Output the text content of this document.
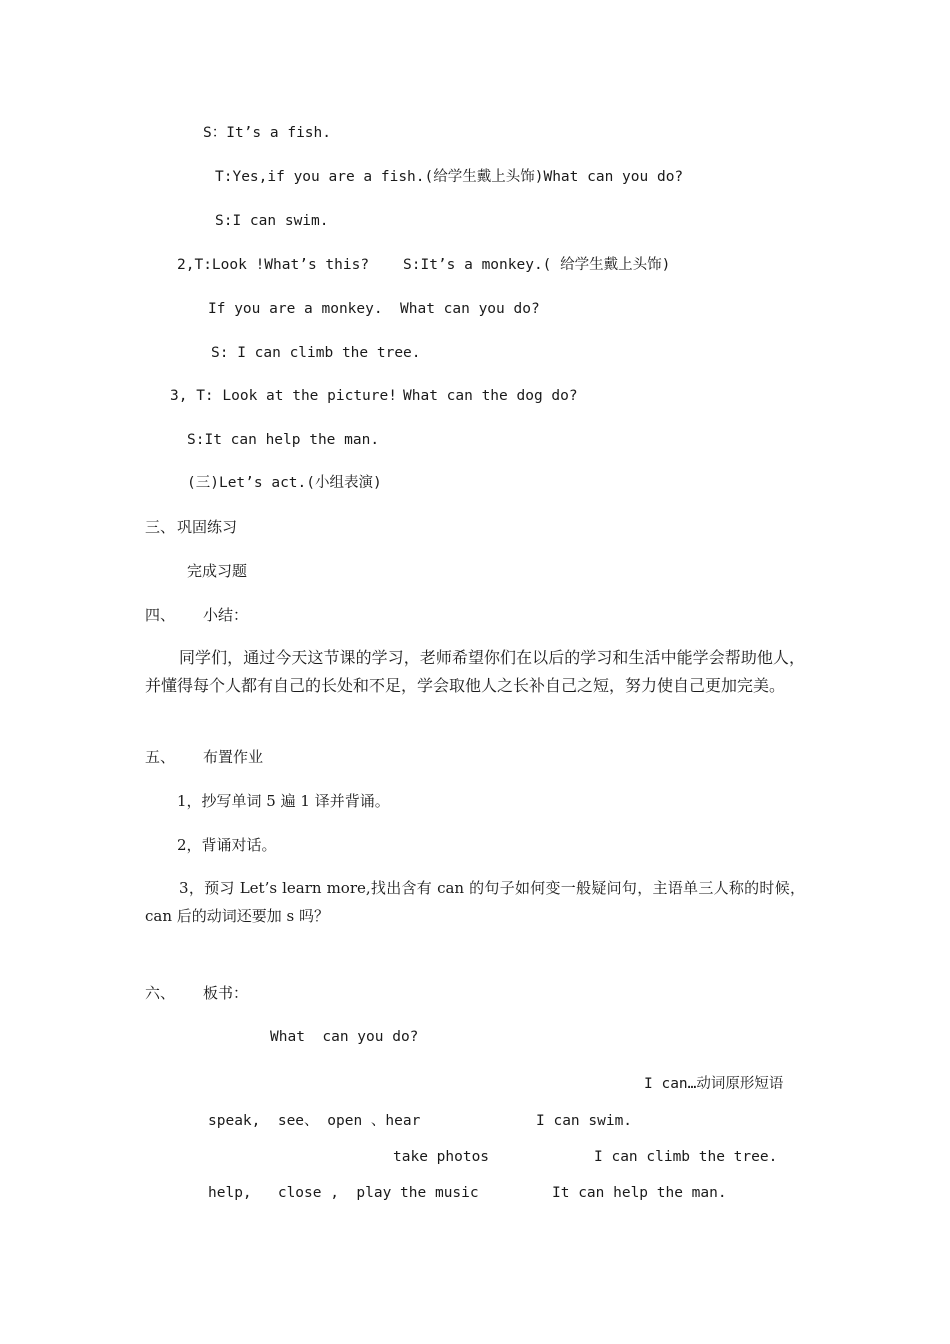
S：It’s a fish.
T:Yes,if you are a fish.(给学生戴上头饰)What can you do?
S:I can swim.
2,T:Look !What’s this? S:It’s a monkey.( 给学生戴上头饰)
If you are a monkey. What can you do?
S: I can climb the tree.
3, T: Look at the picture! What can the dog do?
S:It can help the man.
(三)Let’s act.(小组表演)
三、 巩固练习
完成习题
四、 小结：
同学们，通过今天这节课的学习，老师希望你们在以后的学习和生活中能学会帮助他人，并懂得每个人都有自己的长处和不足，学会取他人之长补自己之短，努力使自己更加完美。
五、 布置作业
1，抄写单词 5 遍 1 译并背诵。
2，背诵对话。
3，预习 Let’s learn more,找出含有 can 的句子如何变一般疑问句，主语单三人称的时候，can 后的动词还要加 s 吗？
六、 板书：
What  can you do?
I can…动词原形短语
speak,  see、 open 、hear	I can swim.
take photos	I can climb the tree.
help,   close ,  play the music	It can help the man.
